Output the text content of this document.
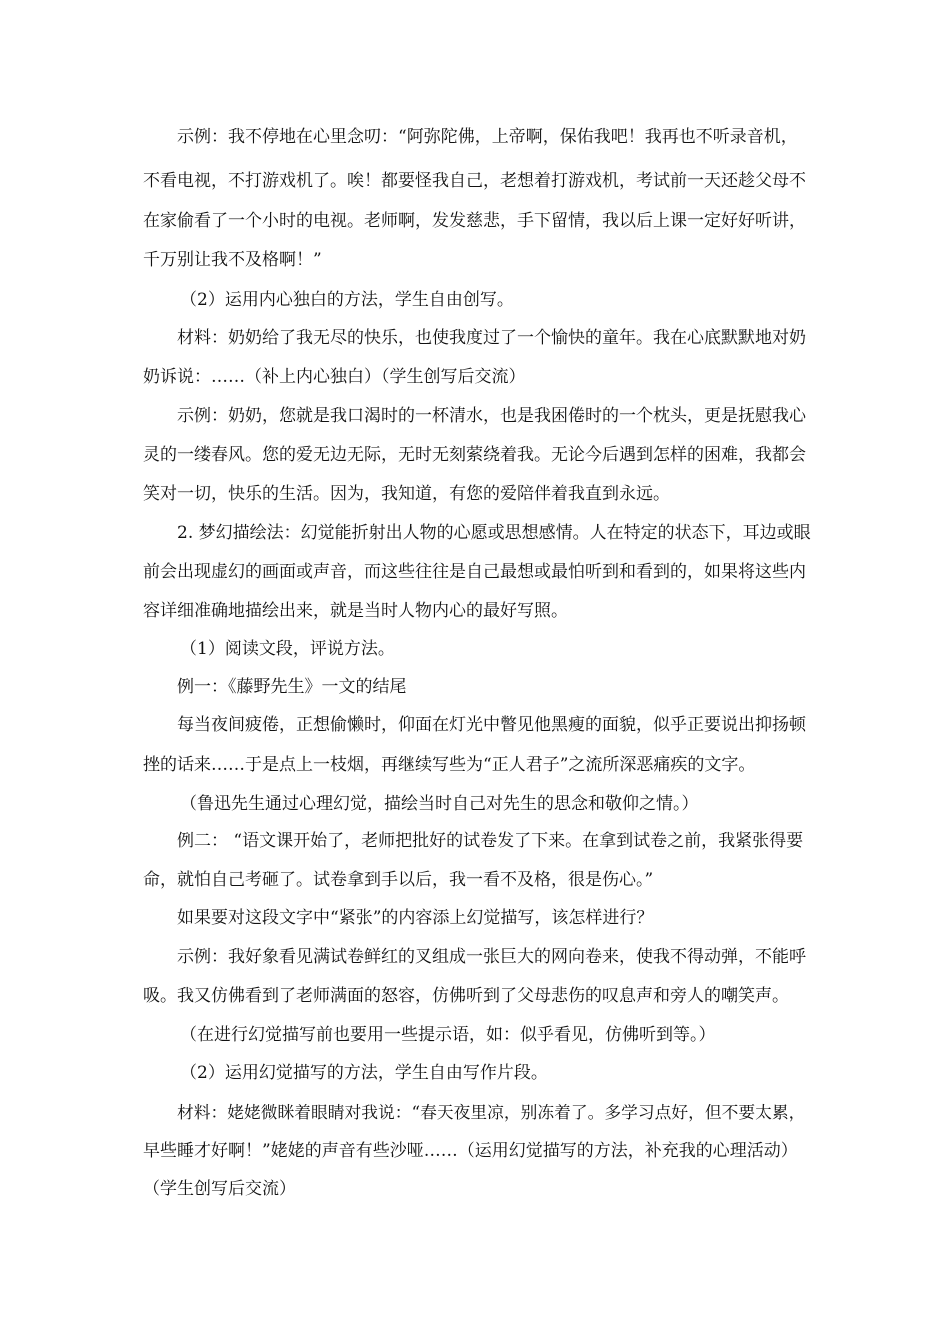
示例：我不停地在心里念叨：“阿弥陀佛，上帝啊，保佑我吧！我再也不听录音机，
不看电视，不打游戏机了。唉！都要怪我自己，老想着打游戏机，考试前一天还趁父母不
在家偷看了一个小时的电视。老师啊，发发慈悲，手下留情，我以后上课一定好好听讲，
千万别让我不及格啊！”
（2）运用内心独白的方法，学生自由创写。
材料：奶奶给了我无尽的快乐，也使我度过了一个愉快的童年。我在心底默默地对奶
奶诉说：……（补上内心独白）（学生创写后交流）
示例：奶奶，您就是我口渴时的一杯清水，也是我困倦时的一个枕头，更是抚慰我心
灵的一缕春风。您的爱无边无际，无时无刻萦绕着我。无论今后遇到怎样的困难，我都会
笑对一切，快乐的生活。因为，我知道，有您的爱陪伴着我直到永远。
2. 梦幻描绘法：幻觉能折射出人物的心愿或思想感情。人在特定的状态下，耳边或眼
前会出现虚幻的画面或声音，而这些往往是自己最想或最怕听到和看到的，如果将这些内
容详细准确地描绘出来，就是当时人物内心的最好写照。
（1）阅读文段，评说方法。
例一：《藤野先生》一文的结尾
每当夜间疲倦，正想偷懒时，仰面在灯光中瞥见他黑瘦的面貌，似乎正要说出抑扬顿
挫的话来……于是点上一枝烟，再继续写些为“正人君子”之流所深恶痛疾的文字。
（鲁迅先生通过心理幻觉，描绘当时自己对先生的思念和敬仰之情。）
例二： “语文课开始了，老师把批好的试卷发了下来。在拿到试卷之前，我紧张得要
命，就怕自己考砸了。试卷拿到手以后，我一看不及格，很是伤心。”
如果要对这段文字中“紧张”的内容添上幻觉描写，该怎样进行？
示例：我好象看见满试卷鲜红的叉组成一张巨大的网向卷来，使我不得动弹，不能呼
吸。我又仿佛看到了老师满面的怒容，仿佛听到了父母悲伤的叹息声和旁人的嘲笑声。
（在进行幻觉描写前也要用一些提示语，如：似乎看见，仿佛听到等。）
（2）运用幻觉描写的方法，学生自由写作片段。
材料：姥姥微眯着眼睛对我说：“春天夜里凉，别冻着了。多学习点好，但不要太累，
早些睡才好啊！”姥姥的声音有些沙哑……（运用幻觉描写的方法，补充我的心理活动）
（学生创写后交流）
